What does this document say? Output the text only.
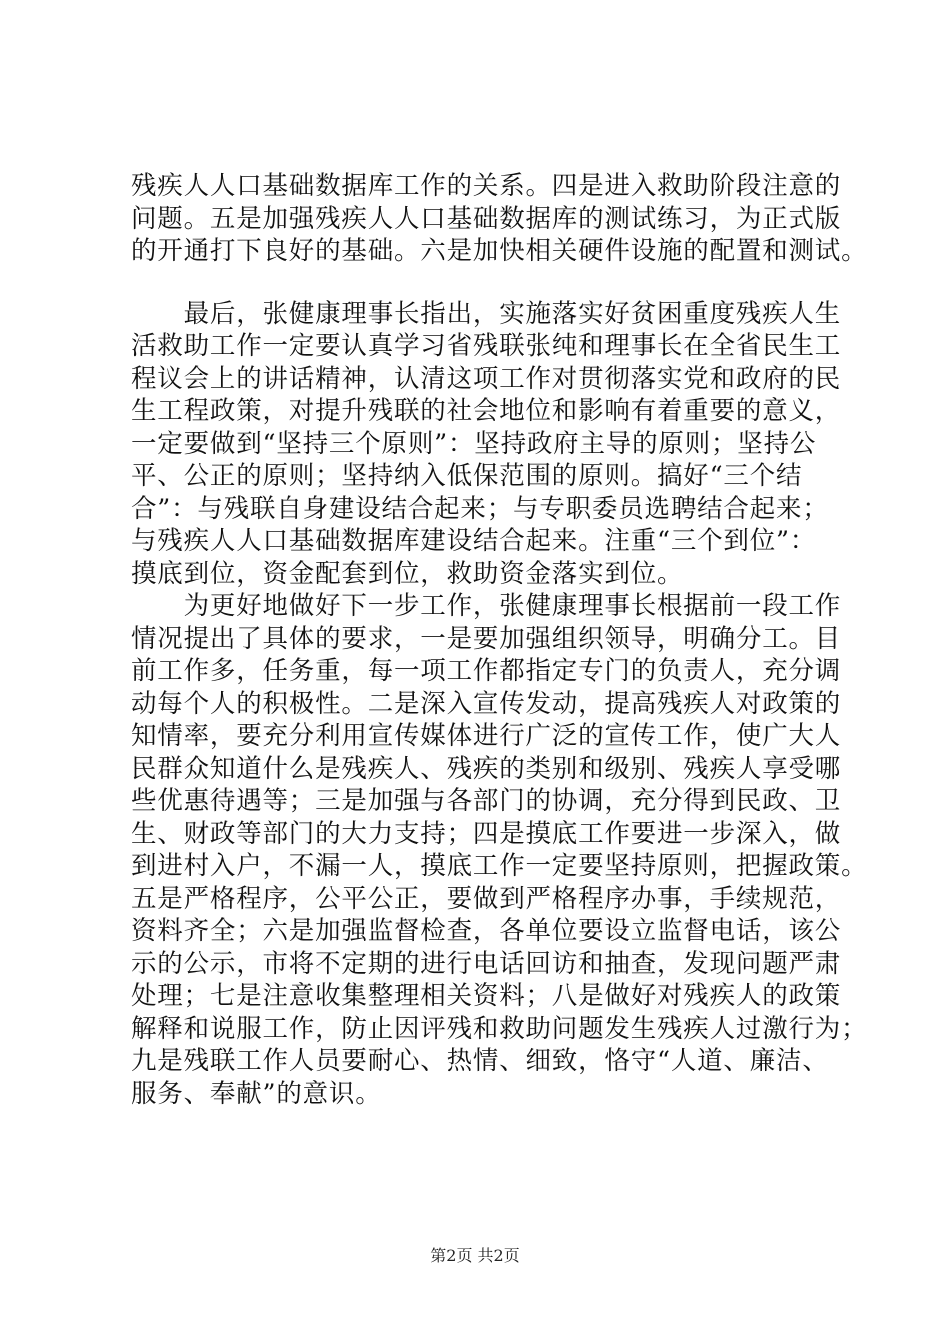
残疾人人口基础数据库工作的关系。四是进入救助阶段注意的
问题。五是加强残疾人人口基础数据库的测试练习，为正式版
的开通打下良好的基础。六是加快相关硬件设施的配置和测试。
　　最后，张健康理事长指出，实施落实好贫困重度残疾人生
活救助工作一定要认真学习省残联张纯和理事长在全省民生工
程议会上的讲话精神，认清这项工作对贯彻落实党和政府的民
生工程政策，对提升残联的社会地位和影响有着重要的意义，
一定要做到“坚持三个原则”：坚持政府主导的原则；坚持公
平、公正的原则；坚持纳入低保范围的原则。搞好“三个结
合”：与残联自身建设结合起来；与专职委员选聘结合起来；
与残疾人人口基础数据库建设结合起来。注重“三个到位”：
摸底到位，资金配套到位，救助资金落实到位。
　　为更好地做好下一步工作，张健康理事长根据前一段工作
情况提出了具体的要求，一是要加强组织领导，明确分工。目
前工作多，任务重，每一项工作都指定专门的负责人，充分调
动每个人的积极性。二是深入宣传发动，提高残疾人对政策的
知情率，要充分利用宣传媒体进行广泛的宣传工作，使广大人
民群众知道什么是残疾人、残疾的类别和级别、残疾人享受哪
些优惠待遇等；三是加强与各部门的协调，充分得到民政、卫
生、财政等部门的大力支持；四是摸底工作要进一步深入，做
到进村入户，不漏一人，摸底工作一定要坚持原则，把握政策。
五是严格程序，公平公正，要做到严格程序办事，手续规范，
资料齐全；六是加强监督检查，各单位要设立监督电话，该公
示的公示，市将不定期的进行电话回访和抽查，发现问题严肃
处理；七是注意收集整理相关资料；八是做好对残疾人的政策
解释和说服工作，防止因评残和救助问题发生残疾人过激行为；
九是残联工作人员要耐心、热情、细致，恪守“人道、廉洁、
服务、奉献”的意识。
第2页 共2页
